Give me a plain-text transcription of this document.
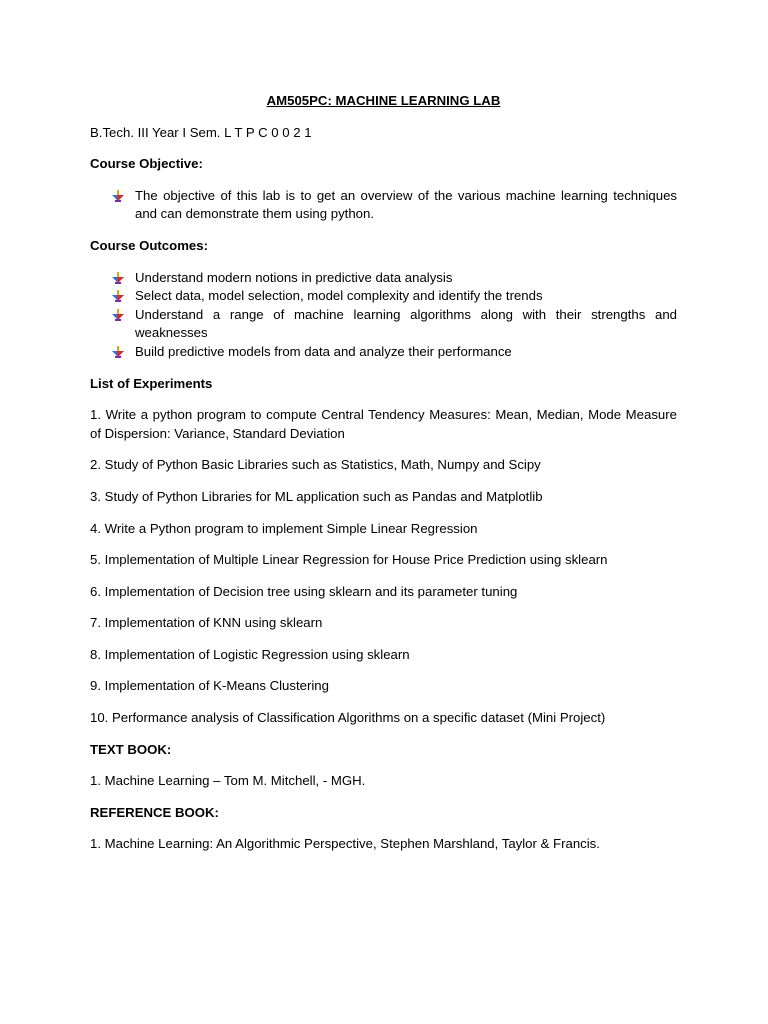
AM505PC: MACHINE LEARNING LAB
B.Tech. III Year I Sem. L T P C 0 0 2 1
Course Objective:
The objective of this lab is to get an overview of the various machine learning techniques and can demonstrate them using python.
Course Outcomes:
Understand modern notions in predictive data analysis
Select data, model selection, model complexity and identify the trends
Understand a range of machine learning algorithms along with their strengths and weaknesses
Build predictive models from data and analyze their performance
List of Experiments
1. Write a python program to compute Central Tendency Measures: Mean, Median, Mode Measure of Dispersion: Variance, Standard Deviation
2. Study of Python Basic Libraries such as Statistics, Math, Numpy and Scipy
3. Study of Python Libraries for ML application such as Pandas and Matplotlib
4. Write a Python program to implement Simple Linear Regression
5. Implementation of Multiple Linear Regression for House Price Prediction using sklearn
6. Implementation of Decision tree using sklearn and its parameter tuning
7. Implementation of KNN using sklearn
8. Implementation of Logistic Regression using sklearn
9. Implementation of K-Means Clustering
10. Performance analysis of Classification Algorithms on a specific dataset (Mini Project)
TEXT BOOK:
1. Machine Learning – Tom M. Mitchell, - MGH.
REFERENCE BOOK:
1. Machine Learning: An Algorithmic Perspective, Stephen Marshland, Taylor & Francis.
